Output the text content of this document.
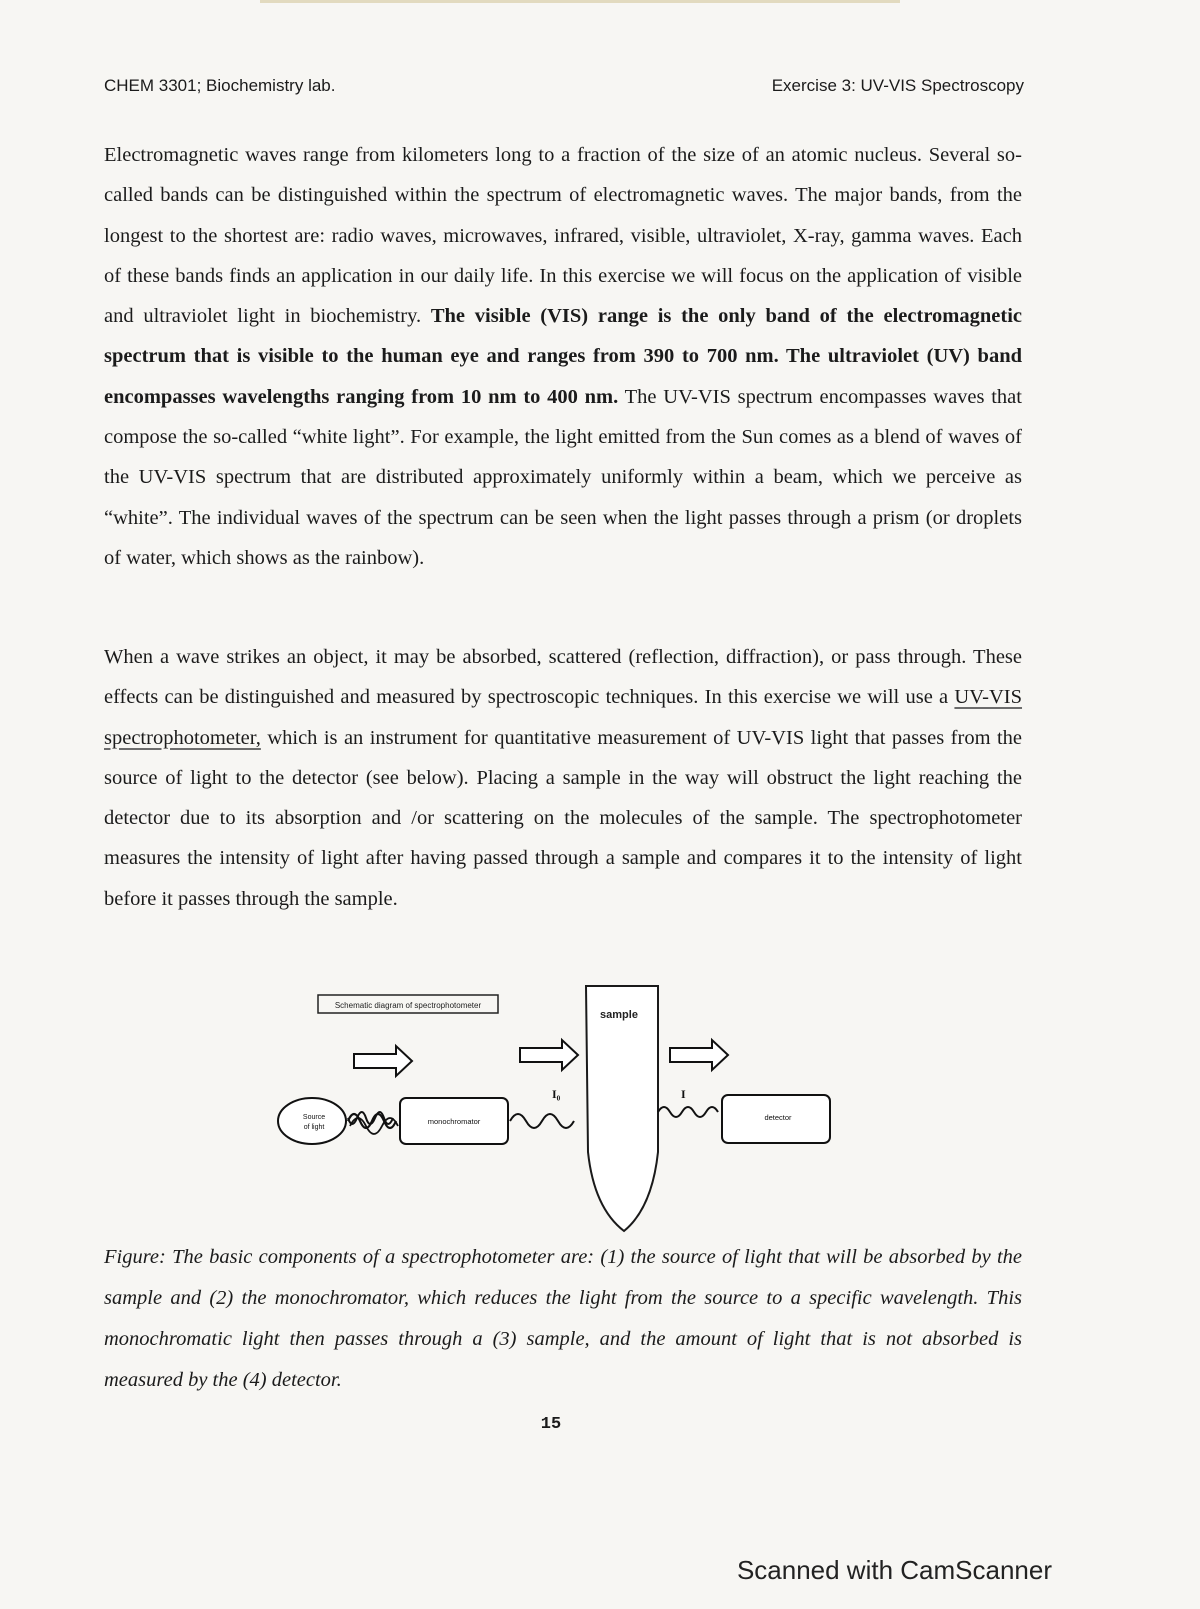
CHEM 3301; Biochemistry lab.	Exercise 3: UV-VIS Spectroscopy

Electromagnetic waves range from kilometers long to a fraction of the size of an atomic nucleus. Several so-called bands can be distinguished within the spectrum of electromagnetic waves. The major bands, from the longest to the shortest are: radio waves, microwaves, infrared, visible, ultraviolet, X-ray, gamma waves. Each of these bands finds an application in our daily life. In this exercise we will focus on the application of visible and ultraviolet light in biochemistry. The visible (VIS) range is the only band of the electromagnetic spectrum that is visible to the human eye and ranges from 390 to 700 nm. The ultraviolet (UV) band encompasses wavelengths ranging from 10 nm to 400 nm. The UV-VIS spectrum encompasses waves that compose the so-called “white light”. For example, the light emitted from the Sun comes as a blend of waves of the UV-VIS spectrum that are distributed approximately uniformly within a beam, which we perceive as “white”. The individual waves of the spectrum can be seen when the light passes through a prism (or droplets of water, which shows as the rainbow).

When a wave strikes an object, it may be absorbed, scattered (reflection, diffraction), or pass through. These effects can be distinguished and measured by spectroscopic techniques. In this exercise we will use a UV-VIS spectrophotometer, which is an instrument for quantitative measurement of UV-VIS light that passes from the source of light to the detector (see below). Placing a sample in the way will obstruct the light reaching the detector due to its absorption and /or scattering on the molecules of the sample. The spectrophotometer measures the intensity of light after having passed through a sample and compares it to the intensity of light before it passes through the sample.

Schematic diagram of spectrophotometer
sample
I₀	I
Source
of light
monochromator	detector

Figure: The basic components of a spectrophotometer are: (1) the source of light that will be absorbed by the sample and (2) the monochromator, which reduces the light from the source to a specific wavelength. This monochromatic light then passes through a (3) sample, and the amount of light that is not absorbed is measured by the (4) detector.

15
Scanned with CamScanner
